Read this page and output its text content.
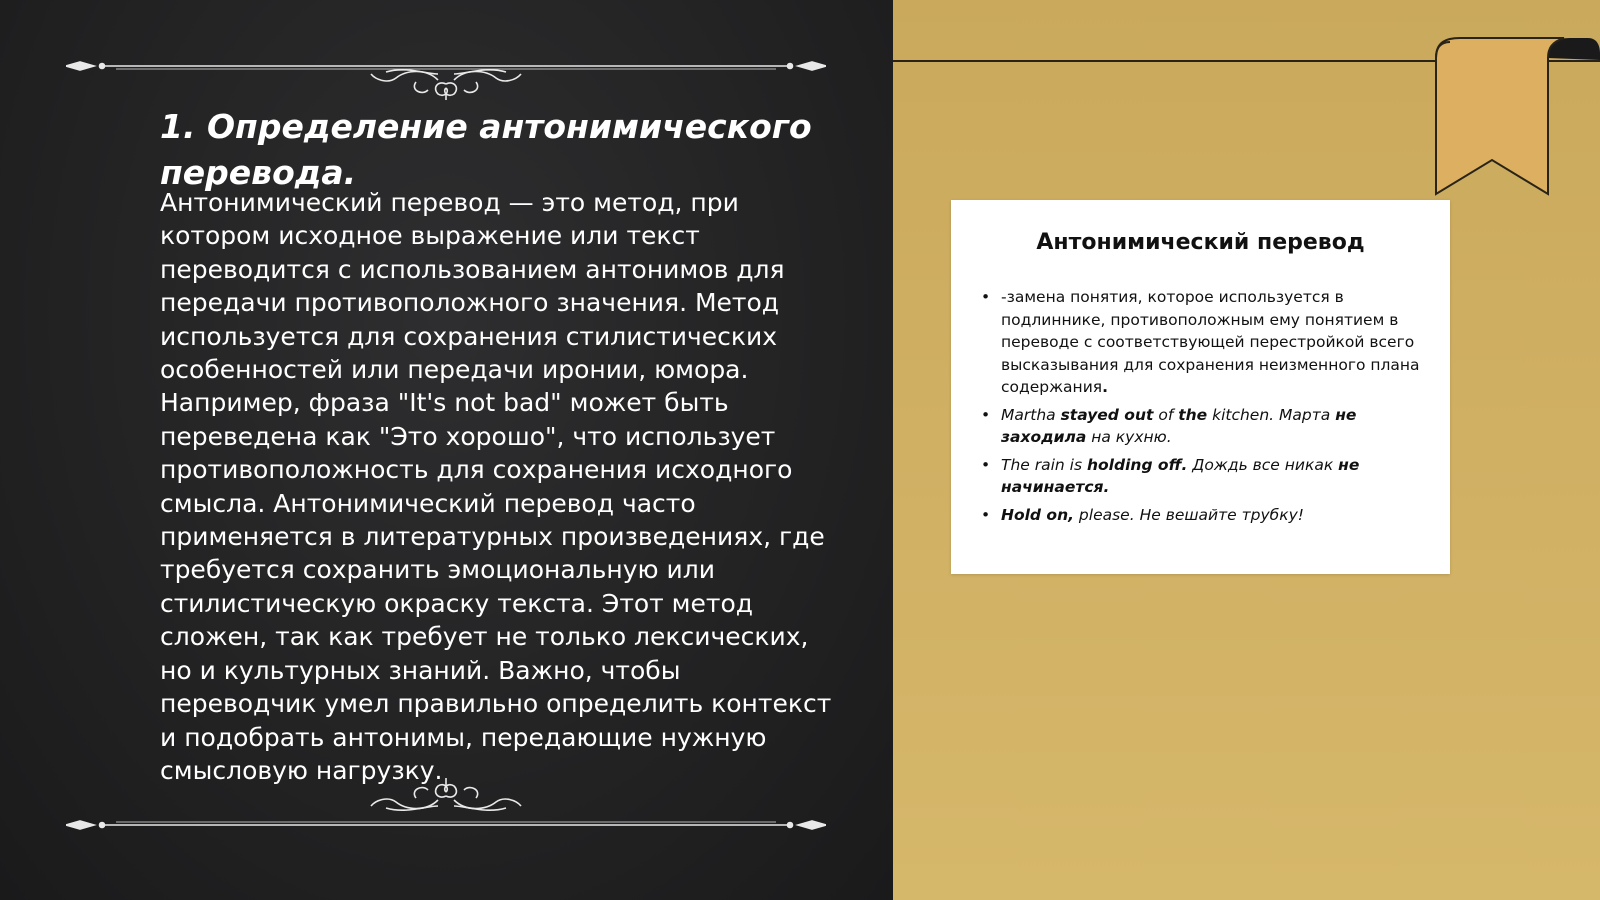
1. Определение антонимического перевода.

Антонимический перевод — это метод, при котором исходное выражение или текст переводится с использованием антонимов для передачи противоположного значения. Метод используется для сохранения стилистических особенностей или передачи иронии, юмора. Например, фраза "It's not bad" может быть переведена как "Это хорошо", что использует противоположность для сохранения исходного смысла. Антонимический перевод часто применяется в литературных произведениях, где требуется сохранить эмоциональную или стилистическую окраску текста. Этот метод сложен, так как требует не только лексических, но и культурных знаний. Важно, чтобы переводчик умел правильно определить контекст и подобрать антонимы, передающие нужную смысловую нагрузку.

Антонимический перевод
• -замена понятия, которое используется в подлиннике, противоположным ему понятием в переводе с соответствующей перестройкой всего высказывания для сохранения неизменного плана содержания.
• Martha stayed out of the kitchen. Марта не заходила на кухню.
• The rain is holding off. Дождь все никак не начинается.
• Hold on, please. Не вешайте трубку!
